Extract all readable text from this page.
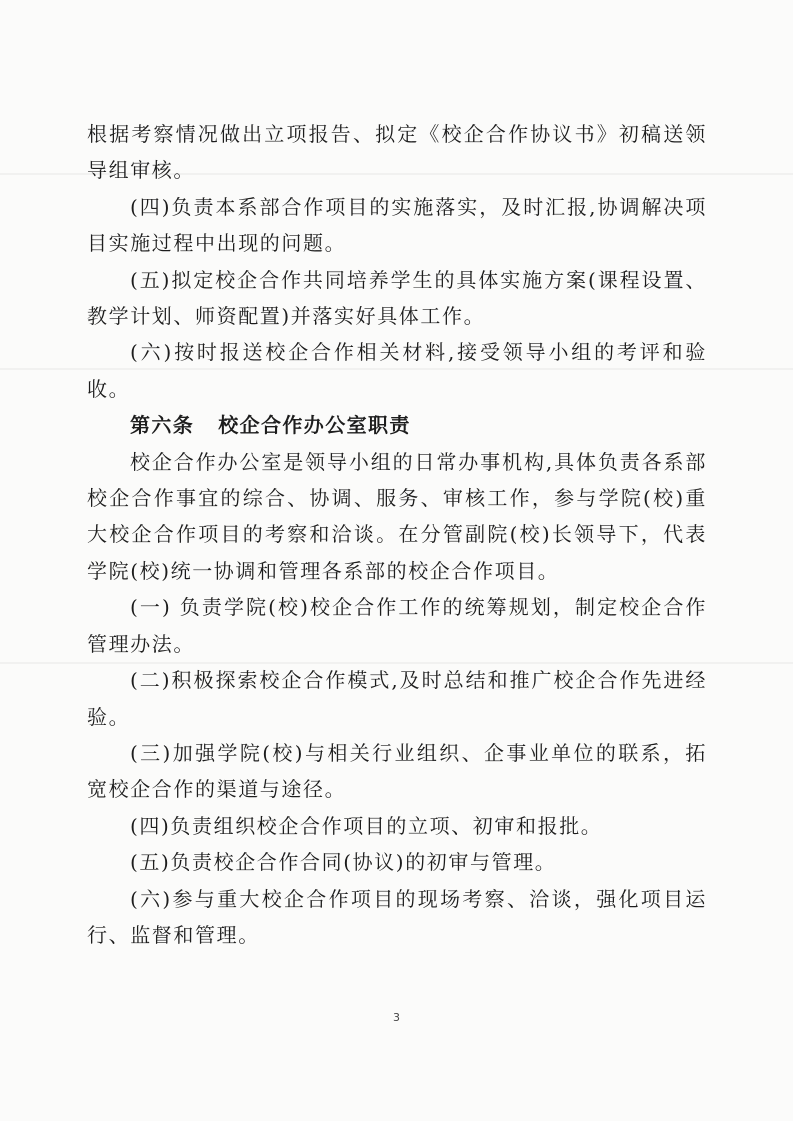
根据考察情况做出立项报告、拟定《校企合作协议书》初稿送领导组审核。

(四)负责本系部合作项目的实施落实，及时汇报,协调解决项目实施过程中出现的问题。

(五)拟定校企合作共同培养学生的具体实施方案(课程设置、教学计划、师资配置)并落实好具体工作。

(六)按时报送校企合作相关材料,接受领导小组的考评和验收。

第六条 校企合作办公室职责

校企合作办公室是领导小组的日常办事机构,具体负责各系部校企合作事宜的综合、协调、服务、审核工作，参与学院(校)重大校企合作项目的考察和洽谈。在分管副院(校)长领导下，代表学院(校)统一协调和管理各系部的校企合作项目。

(一) 负责学院(校)校企合作工作的统筹规划，制定校企合作管理办法。

(二)积极探索校企合作模式,及时总结和推广校企合作先进经验。

(三)加强学院(校)与相关行业组织、企事业单位的联系，拓宽校企合作的渠道与途径。

(四)负责组织校企合作项目的立项、初审和报批。

(五)负责校企合作合同(协议)的初审与管理。

(六)参与重大校企合作项目的现场考察、洽谈，强化项目运行、监督和管理。

3
